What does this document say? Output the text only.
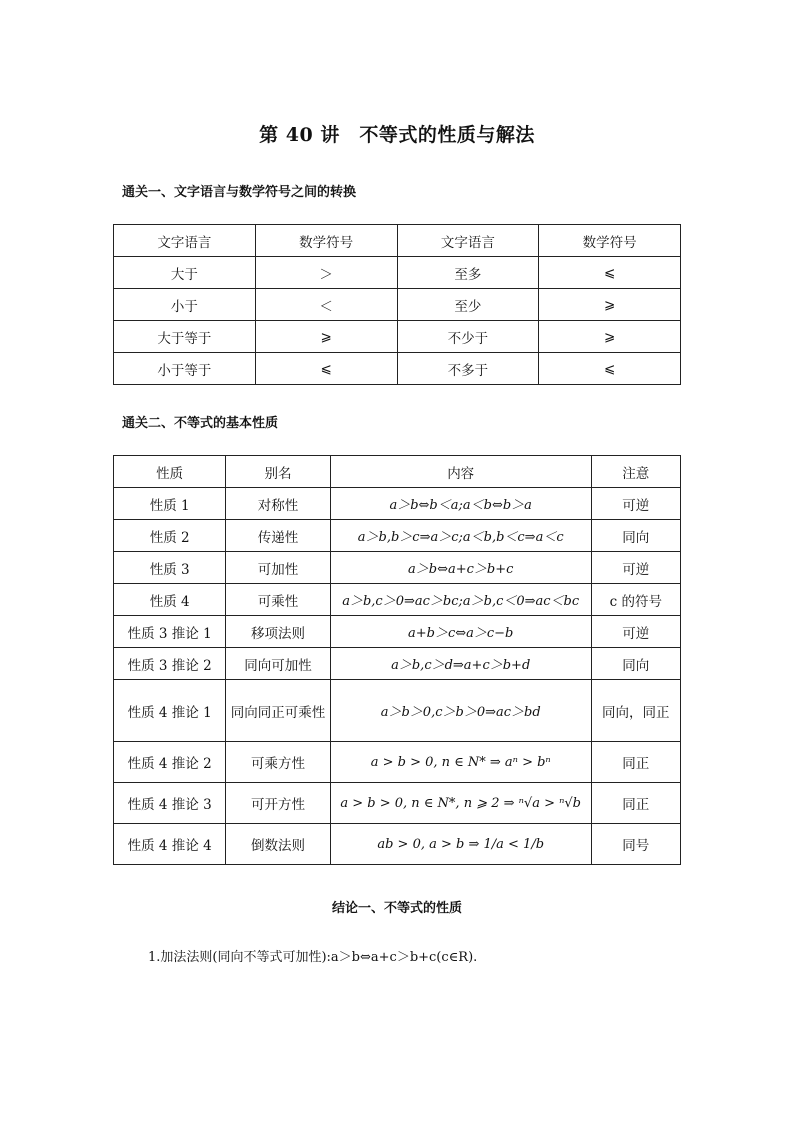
第 40 讲　不等式的性质与解法
通关一、文字语言与数学符号之间的转换
文字语言	数学符号	文字语言	数学符号
大于	＞	至多	⩽
小于	＜	至少	⩾
大于等于	⩾	不少于	⩾
小于等于	⩽	不多于	⩽
通关二、不等式的基本性质
性质	别名	内容	注意
性质 1	对称性	a＞b⇔b＜a;a＜b⇔b＞a	可逆
性质 2	传递性	a＞b,b＞c⇒a＞c;a＜b,b＜c⇒a＜c	同向
性质 3	可加性	a＞b⇔a+c＞b+c	可逆
性质 4	可乘性	a＞b,c＞0⇒ac＞bc;a＞b,c＜0⇒ac＜bc	c 的符号
性质 3 推论 1	移项法则	a+b＞c⇔a＞c−b	可逆
性质 3 推论 2	同向可加性	a＞b,c＞d⇒a+c＞b+d	同向
性质 4 推论 1	同向同正可乘性	a＞b＞0,c＞b＞0⇒ac＞bd	同向，同正
性质 4 推论 2	可乘方性	a > b > 0, n ∈ N* ⇒ aⁿ > bⁿ	同正
性质 4 推论 3	可开方性	a > b > 0, n ∈ N*, n ⩾ 2 ⇒ ⁿ√a > ⁿ√b	同正
性质 4 推论 4	倒数法则	ab > 0, a > b ⇒ 1/a < 1/b	同号
结论一、不等式的性质
1.加法法则(同向不等式可加性):a＞b⇔a+c＞b+c(c∈R).
